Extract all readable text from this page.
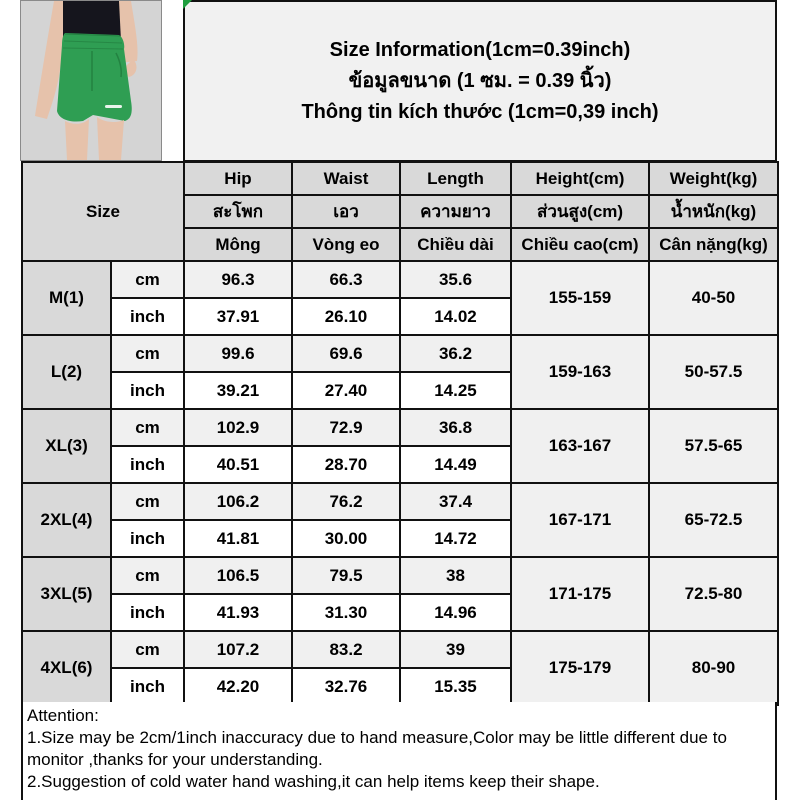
Size Information(1cm=0.39inch)
ข้อมูลขนาด (1 ซม. = 0.39 นิ้ว)
Thông tin kích thước (1cm=0,39 inch)
Size		Hip	Waist	Length	Height(cm)	Weight(kg)
		สะโพก	เอว	ความยาว	ส่วนสูง(cm)	น้ำหนัก(kg)
		Mông	Vòng eo	Chiều dài	Chiều cao(cm)	Cân nặng(kg)
M(1)	cm	96.3	66.3	35.6	155-159	40-50
	inch	37.91	26.10	14.02		
L(2)	cm	99.6	69.6	36.2	159-163	50-57.5
	inch	39.21	27.40	14.25		
XL(3)	cm	102.9	72.9	36.8	163-167	57.5-65
	inch	40.51	28.70	14.49		
2XL(4)	cm	106.2	76.2	37.4	167-171	65-72.5
	inch	41.81	30.00	14.72		
3XL(5)	cm	106.5	79.5	38	171-175	72.5-80
	inch	41.93	31.30	14.96		
4XL(6)	cm	107.2	83.2	39	175-179	80-90
	inch	42.20	32.76	15.35		
Attention:
1.Size may be 2cm/1inch inaccuracy due to hand measure,Color may be little different due to monitor ,thanks for your understanding.
2.Suggestion of cold water hand washing,it can help items keep their shape.
